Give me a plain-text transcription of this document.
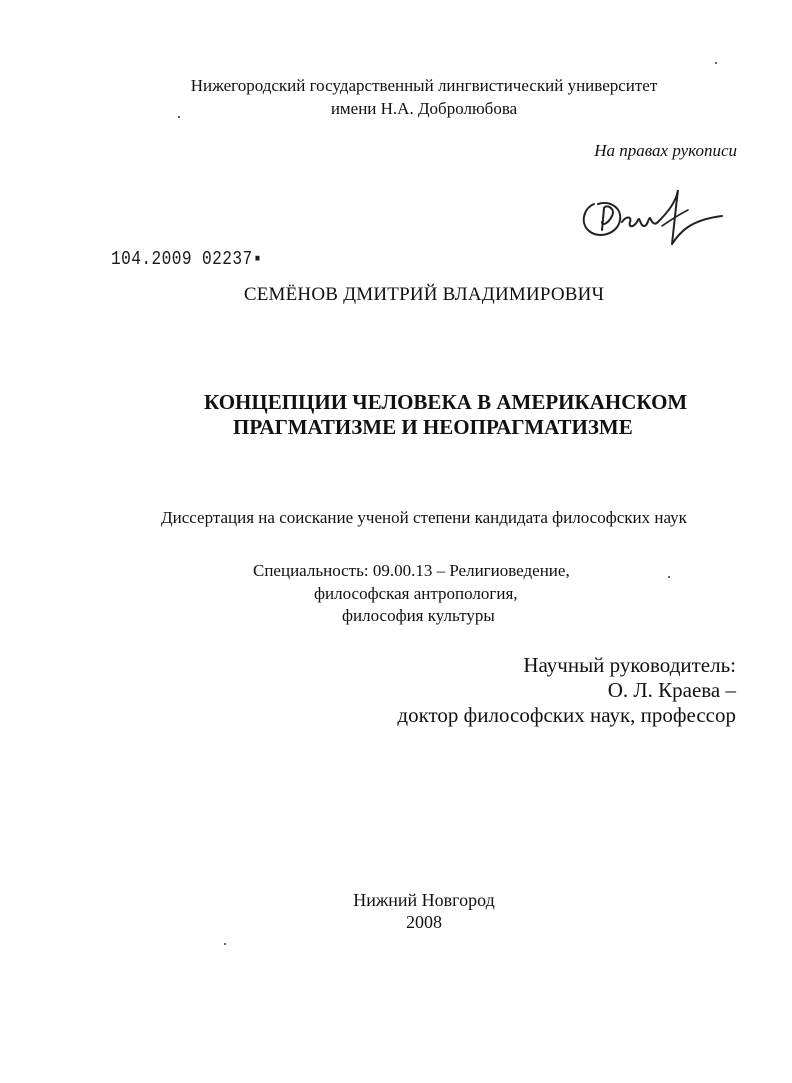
Нижегородский государственный лингвистический университет
имени Н.А. Добролюбова
На правах рукописи
104.2009 02237▪
СЕМЁНОВ ДМИТРИЙ ВЛАДИМИРОВИЧ
КОНЦЕПЦИИ ЧЕЛОВЕКА В АМЕРИКАНСКОМ
ПРАГМАТИЗМЕ И НЕОПРАГМАТИЗМЕ
Диссертация на соискание ученой степени кандидата философских наук
Специальность: 09.00.13 – Религиоведение,
философская антропология,
философия культуры
Научный руководитель:
О. Л. Краева –
доктор философских наук, профессор
Нижний Новгород
2008
